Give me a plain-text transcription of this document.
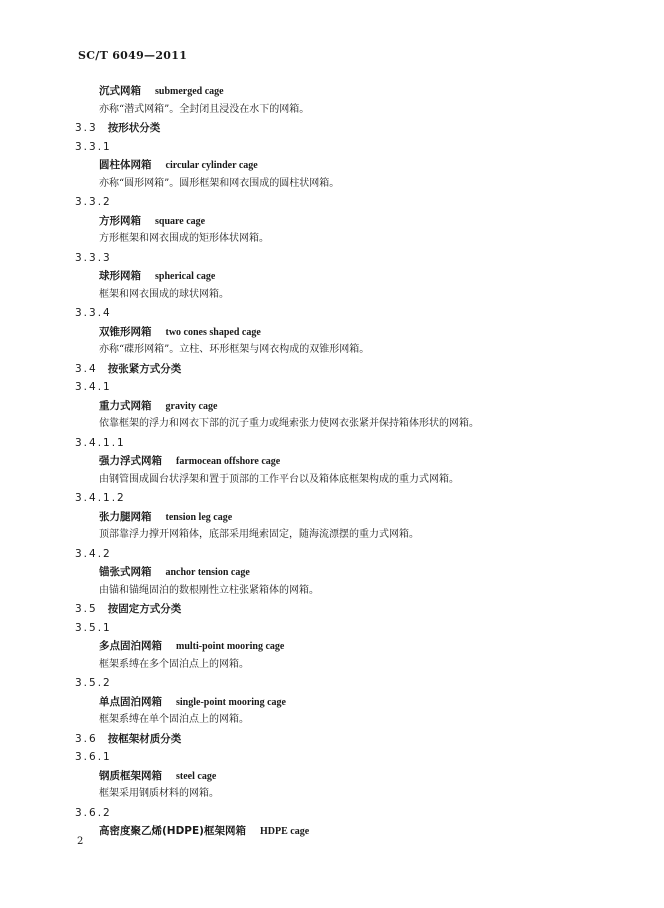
SC/T 6049—2011
沉式网箱 submerged cage
亦称“潜式网箱”。全封闭且浸没在水下的网箱。
3.3 按形状分类
3.3.1
圆柱体网箱 circular cylinder cage
亦称“圆形网箱”。圆形框架和网衣围成的圆柱状网箱。
3.3.2
方形网箱 square cage
方形框架和网衣围成的矩形体状网箱。
3.3.3
球形网箱 spherical cage
框架和网衣围成的球状网箱。
3.3.4
双锥形网箱 two cones shaped cage
亦称“碟形网箱”。立柱、环形框架与网衣构成的双锥形网箱。
3.4 按张紧方式分类
3.4.1
重力式网箱 gravity cage
依靠框架的浮力和网衣下部的沉子重力或绳索张力使网衣张紧并保持箱体形状的网箱。
3.4.1.1
强力浮式网箱 farmocean offshore cage
由钢管围成圆台状浮架和置于顶部的工作平台以及箱体底框架构成的重力式网箱。
3.4.1.2
张力腿网箱 tension leg cage
顶部靠浮力撑开网箱体，底部采用绳索固定，随海流漂摆的重力式网箱。
3.4.2
锚张式网箱 anchor tension cage
由锚和锚绳固泊的数根刚性立柱张紧箱体的网箱。
3.5 按固定方式分类
3.5.1
多点固泊网箱 multi-point mooring cage
框架系缚在多个固泊点上的网箱。
3.5.2
单点固泊网箱 single-point mooring cage
框架系缚在单个固泊点上的网箱。
3.6 按框架材质分类
3.6.1
钢质框架网箱 steel cage
框架采用钢质材料的网箱。
3.6.2
高密度聚乙烯(HDPE)框架网箱 HDPE cage
2
